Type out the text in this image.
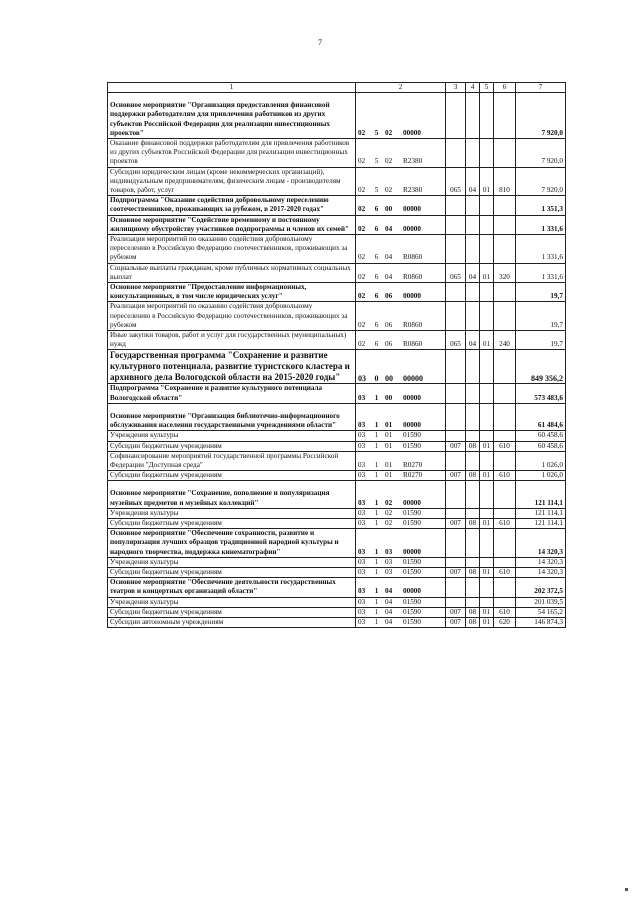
7
1	2	3	4	5	6	7
Основное мероприятие "Организация предоставления финансовой поддержки работодателям для привлечения работников из других субъектов Российской Федерации для реализации инвестиционных проектов"	02 5 02 00000					7 920,0
Оказание финансовой поддержки работодателям для привлечения работников из других субъектов Российской Федерации для реализации инвестиционных проектов	02 5 02 R2380					7 920,0
Субсидии юридическим лицам (кроме некоммерческих организаций), индивидуальным предпринимателям, физическим лицам - производителям товаров, работ, услуг	02 5 02 R2380	065	04	01	810	7 920,0
Подпрограмма "Оказание содействия добровольному переселению соотечественников, проживающих за рубежом, в 2017-2020 годах"	02 6 00 00000					1 351,3
Основное мероприятие "Содействие временному и постоянному жилищному обустройству участников подпрограммы и членов их семей"	02 6 04 00000					1 331,6
Реализация мероприятий по оказанию содействия добровольному переселению в Российскую Федерацию соотечественников, проживающих за рубежом	02 6 04 R0860					1 331,6
Социальные выплаты гражданам, кроме публичных нормативных социальных выплат	02 6 04 R0860	065	04	01	320	1 331,6
Основное мероприятие "Предоставление информационных, консультационных, в том числе юридических услуг"	02 6 06 00000					19,7
Реализация мероприятий по оказанию содействия добровольному переселению в Российскую Федерацию соотечественников, проживающих за рубежом	02 6 06 R0860					19,7
Иные закупки товаров, работ и услуг для государственных (муниципальных) нужд	02 6 06 R0860	065	04	01	240	19,7
Государственная программа "Сохранение и развитие культурного потенциала, развитие туристского кластера и архивного дела Вологодской области на 2015-2020 годы"	03 0 00 00000					849 356,2
Подпрограмма "Сохранение и развитие культурного потенциала Вологодской области"	03 1 00 00000					573 483,6
Основное мероприятие "Организация библиотечно-информационного обслуживания населения государственными учреждениями области"	03 1 01 00000					61 484,6
Учреждения культуры	03 1 01 01590					60 458,6
Субсидии бюджетным учреждениям	03 1 01 01590	007	08	01	610	60 458,6
Софинансирование мероприятий государственной программы Российской Федерации "Доступная среда"	03 1 01 R0270					1 026,0
Субсидии бюджетным учреждениям	03 1 01 R0270	007	08	01	610	1 026,0
Основное мероприятие "Сохранение, пополнение и популяризация музейных предметов и музейных коллекций"	03 1 02 00000					121 114,1
Учреждения культуры	03 1 02 01590					121 114,1
Субсидии бюджетным учреждениям	03 1 02 01590	007	08	01	610	121 114,1
Основное мероприятие "Обеспечение сохранности, развитие и популяризация лучших образцов традиционной народной культуры и народного творчества, поддержка кинематографии"	03 1 03 00000					14 320,3
Учреждения культуры	03 1 03 01590					14 320,3
Субсидии бюджетным учреждениям	03 1 03 01590	007	08	01	610	14 320,3
Основное мероприятие "Обеспечение деятельности государственных театров и концертных организаций области"	03 1 04 00000					202 372,5
Учреждения культуры	03 1 04 01590					201 039,5
Субсидии бюджетным учреждениям	03 1 04 01590	007	08	01	610	54 165,2
Субсидии автономным учреждениям	03 1 04 01590	007	08	01	620	146 874,3
